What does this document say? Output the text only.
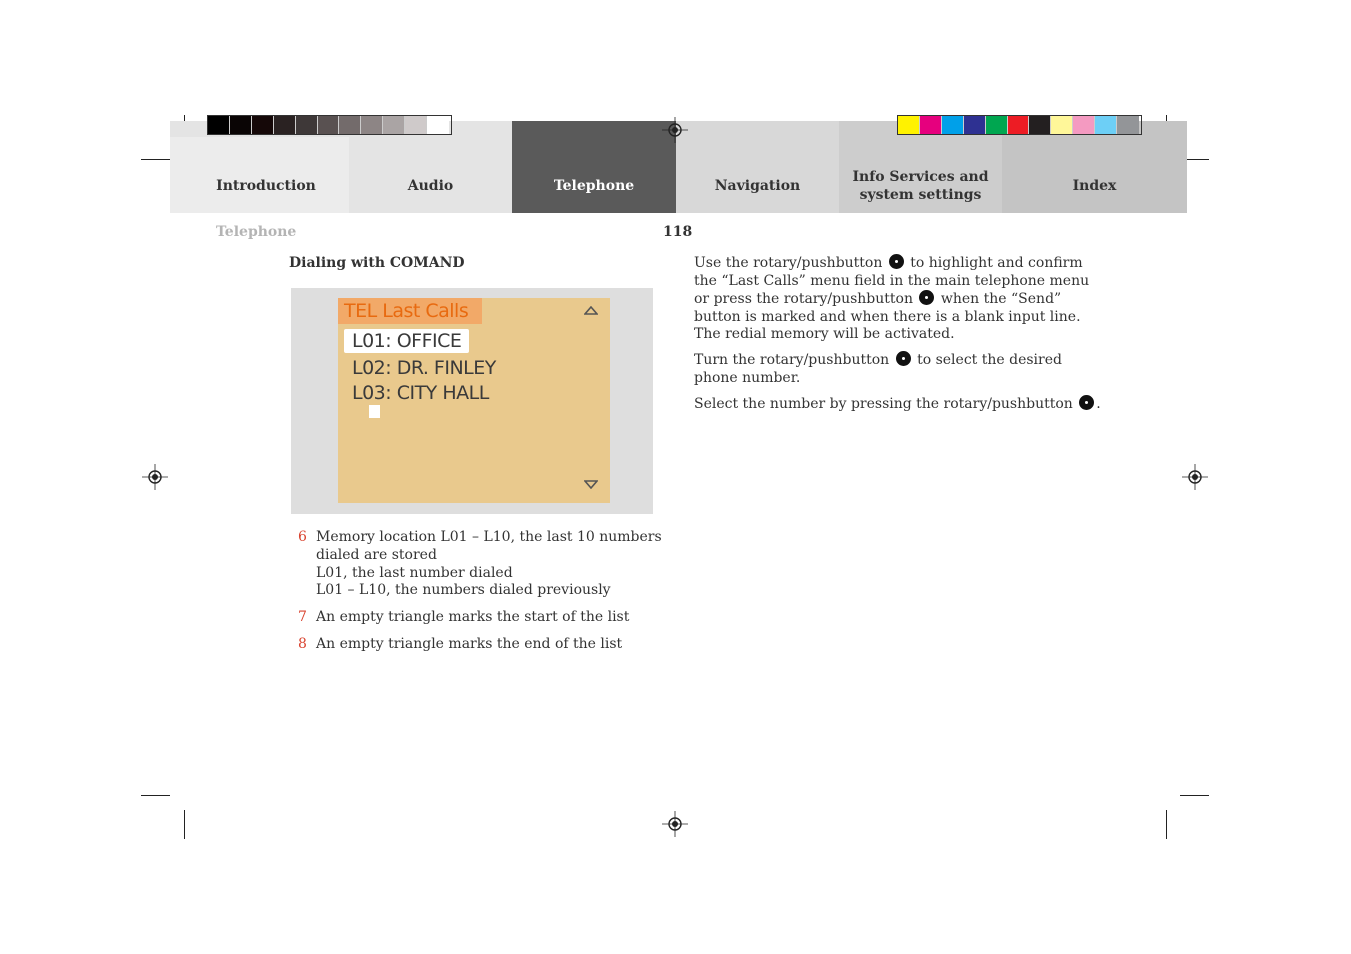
Introduction	Audio	Telephone	Navigation
Info Services and
system settings
Index
Telephone	118
Dialing with COMAND
TEL Last Calls
L01: OFFICE
L02: DR. FINLEY
L03: CITY HALL
6 Memory location L01 – L10, the last 10 numbers
dialed are stored
L01, the last number dialed
L01 – L10, the numbers dialed previously
7 An empty triangle marks the start of the list
8 An empty triangle marks the end of the list
Use the rotary/pushbutton to highlight and confirm
the “Last Calls” menu field in the main telephone menu
or press the rotary/pushbutton when the “Send”
button is marked and when there is a blank input line.
The redial memory will be activated.
Turn the rotary/pushbutton to select the desired
phone number.
Select the number by pressing the rotary/pushbutton .
